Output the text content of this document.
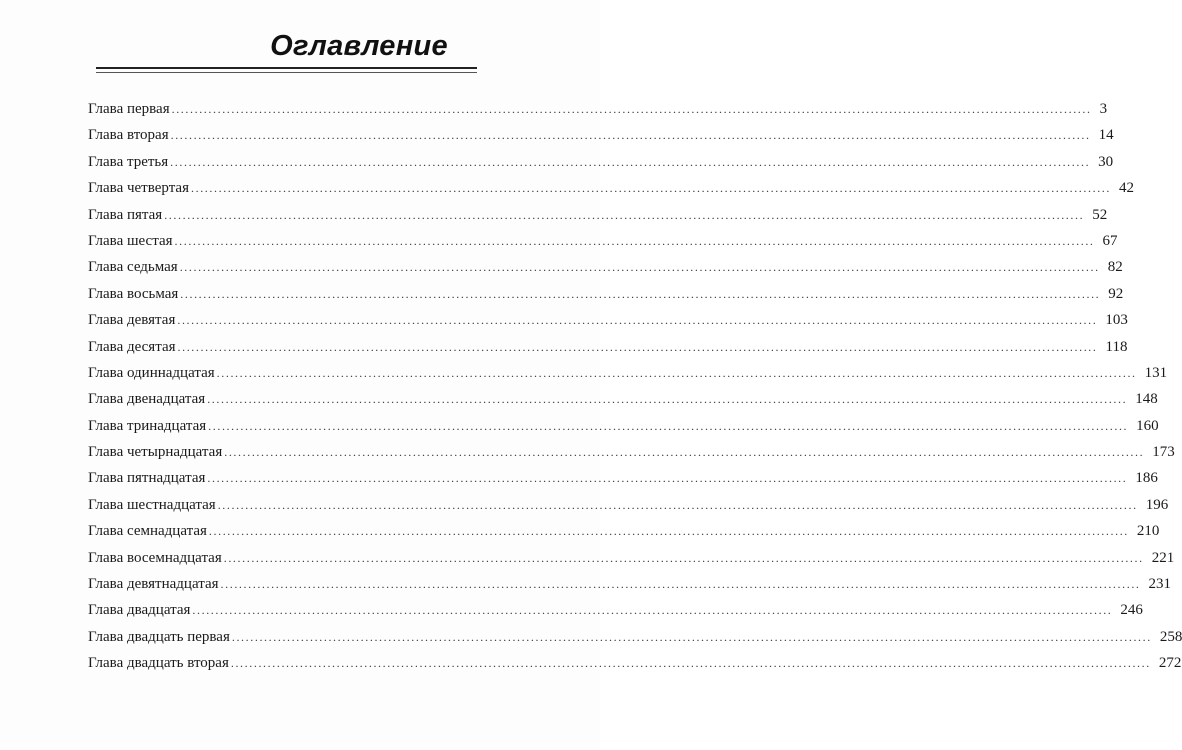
Оглавление
Глава первая ........................................................................................................................................................................................................ 3
Глава вторая ........................................................................................................................................................................................................ 14
Глава третья ........................................................................................................................................................................................................ 30
Глава четвертая ........................................................................................................................................................................................................ 42
Глава пятая ........................................................................................................................................................................................................ 52
Глава шестая ........................................................................................................................................................................................................ 67
Глава седьмая ........................................................................................................................................................................................................ 82
Глава восьмая ........................................................................................................................................................................................................ 92
Глава девятая ........................................................................................................................................................................................................ 103
Глава десятая ........................................................................................................................................................................................................ 118
Глава одиннадцатая ........................................................................................................................................................................................................ 131
Глава двенадцатая ........................................................................................................................................................................................................ 148
Глава тринадцатая ........................................................................................................................................................................................................ 160
Глава четырнадцатая ........................................................................................................................................................................................................ 173
Глава пятнадцатая ........................................................................................................................................................................................................ 186
Глава шестнадцатая ........................................................................................................................................................................................................ 196
Глава семнадцатая ........................................................................................................................................................................................................ 210
Глава восемнадцатая ........................................................................................................................................................................................................ 221
Глава девятнадцатая ........................................................................................................................................................................................................ 231
Глава двадцатая ........................................................................................................................................................................................................ 246
Глава двадцать первая ........................................................................................................................................................................................................ 258
Глава двадцать вторая ........................................................................................................................................................................................................ 272
